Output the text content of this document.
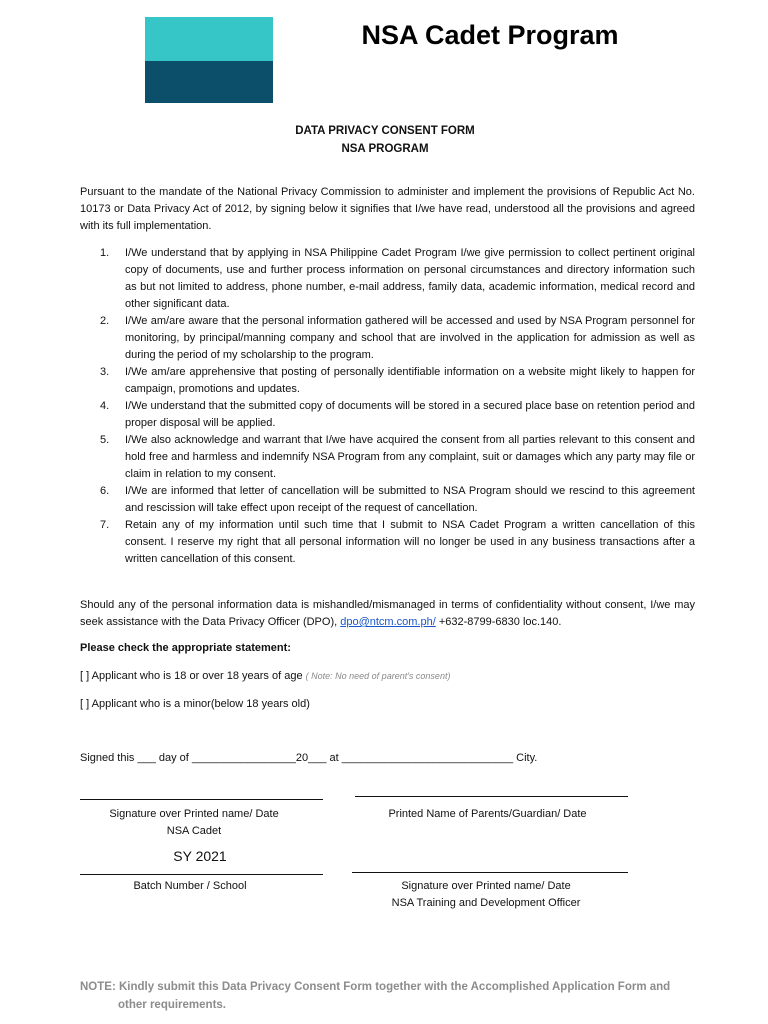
NSA Cadet Program
DATA PRIVACY CONSENT FORM
NSA PROGRAM
Pursuant to the mandate of the National Privacy Commission to administer and implement the provisions of Republic Act No. 10173 or Data Privacy Act of 2012, by signing below it signifies that I/we have read, understood all the provisions and agreed with its full implementation.
1.	I/We understand that by applying in NSA Philippine Cadet Program I/we give permission to collect pertinent original copy of documents, use and further process information on personal circumstances and directory information such as but not limited to address, phone number, e-mail address, family data, academic information, medical record and other significant data.
2.	I/We am/are aware that the personal information gathered will be accessed and used by NSA Program personnel for monitoring, by principal/manning company and school that are involved in the application for admission as well as during the period of my scholarship to the program.
3.	I/We am/are apprehensive that posting of personally identifiable information on a website might likely to happen for campaign, promotions and updates.
4.	I/We understand that the submitted copy of documents will be stored in a secured place base on retention period and proper disposal will be applied.
5.	I/We also acknowledge and warrant that I/we have acquired the consent from all parties relevant to this consent and hold free and harmless and indemnify NSA Program from any complaint, suit or damages which any party may file or claim in relation to my consent.
6.	I/We are informed that letter of cancellation will be submitted to NSA Program should we rescind to this agreement and rescission will take effect upon receipt of the request of cancellation.
7.	Retain any of my information until such time that I submit to NSA Cadet Program a written cancellation of this consent. I reserve my right that all personal information will no longer be used in any business transactions after a written cancellation of this consent.
Should any of the personal information data is mishandled/mismanaged in terms of confidentiality without consent, I/we may seek assistance with the Data Privacy Officer (DPO), dpo@ntcm.com.ph/ +632-8799-6830 loc.140.
Please check the appropriate statement:
[ ] Applicant who is 18 or over 18 years of age ( Note: No need of parent's consent)
[ ] Applicant who is a minor(below 18 years old)
Signed this ___ day of _________________20___ at ____________________________ City.
Signature over Printed name/ Date
NSA Cadet
Printed Name of Parents/Guardian/ Date
SY 2021
Batch Number / School	Signature over Printed name/ Date
NSA Training and Development Officer
NOTE: Kindly submit this Data Privacy Consent Form together with the Accomplished Application Form and
other requirements.
